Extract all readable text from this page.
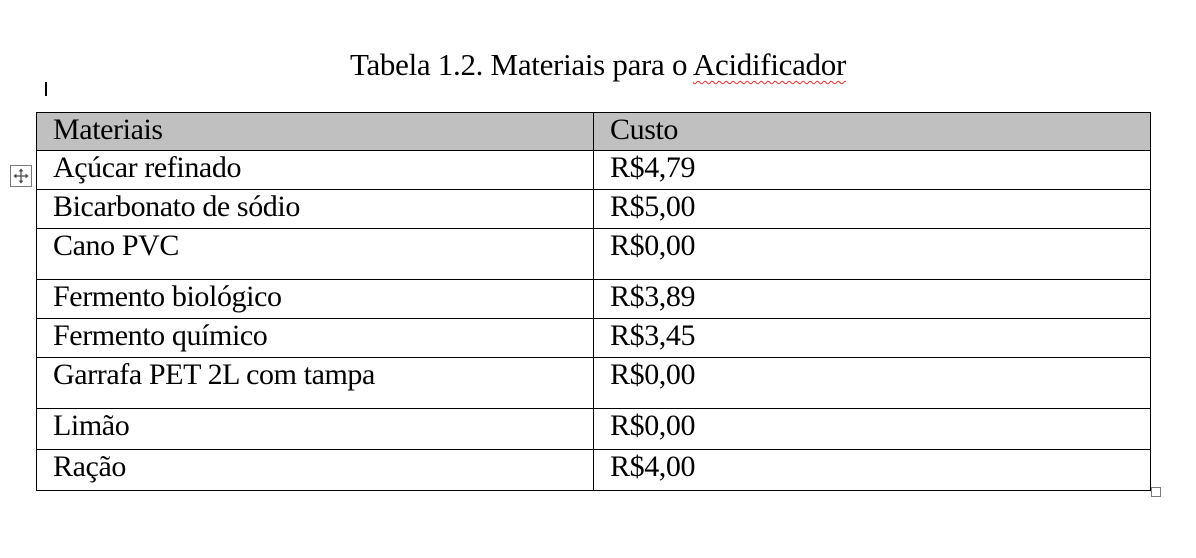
Tabela 1.2. Materiais para o Acidificador
Materiais	Custo
Açúcar refinado	R$4,79
Bicarbonato de sódio	R$5,00
Cano PVC	R$0,00
Fermento biológico	R$3,89
Fermento químico	R$3,45
Garrafa PET 2L com tampa	R$0,00
Limão	R$0,00
Ração	R$4,00
